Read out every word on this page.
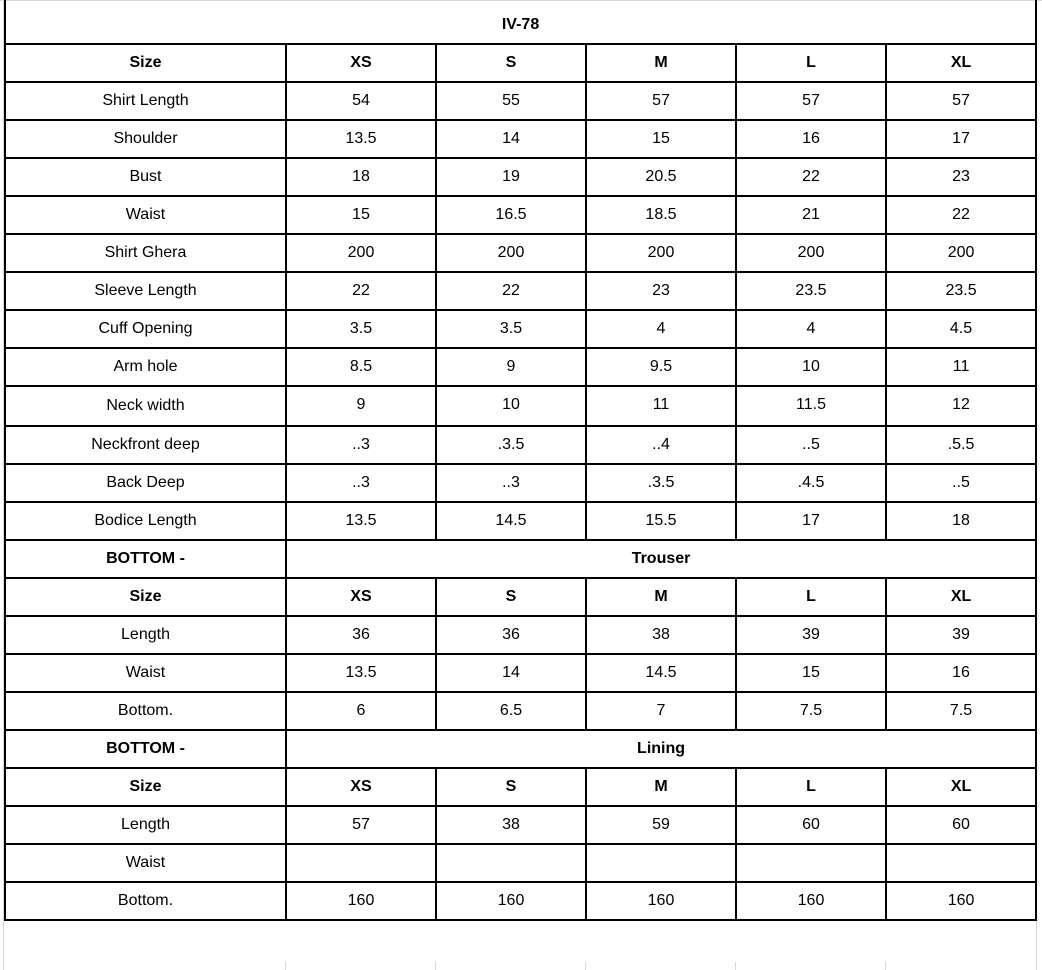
IV-78					
Size	XS	S	M	L	XL
Shirt Length	54	55	57	57	57
Shoulder	13.5	14	15	16	17
Bust	18	19	20.5	22	23
Waist	15	16.5	18.5	21	22
Shirt Ghera	200	200	200	200	200
Sleeve Length	22	22	23	23.5	23.5
Cuff Opening	3.5	3.5	4	4	4.5
Arm hole	8.5	9	9.5	10	11
Neck width	9	10	11	11.5	12
Neckfront deep	..3	.3.5	..4	..5	.5.5
Back Deep	..3	..3	.3.5	.4.5	..5
Bodice Length	13.5	14.5	15.5	17	18
BOTTOM -	Trouser				
Size	XS	S	M	L	XL
Length	36	36	38	39	39
Waist	13.5	14	14.5	15	16
Bottom.	6	6.5	7	7.5	7.5
BOTTOM -	Lining				
Size	XS	S	M	L	XL
Length	57	38	59	60	60
Waist					
Bottom.	160	160	160	160	160
